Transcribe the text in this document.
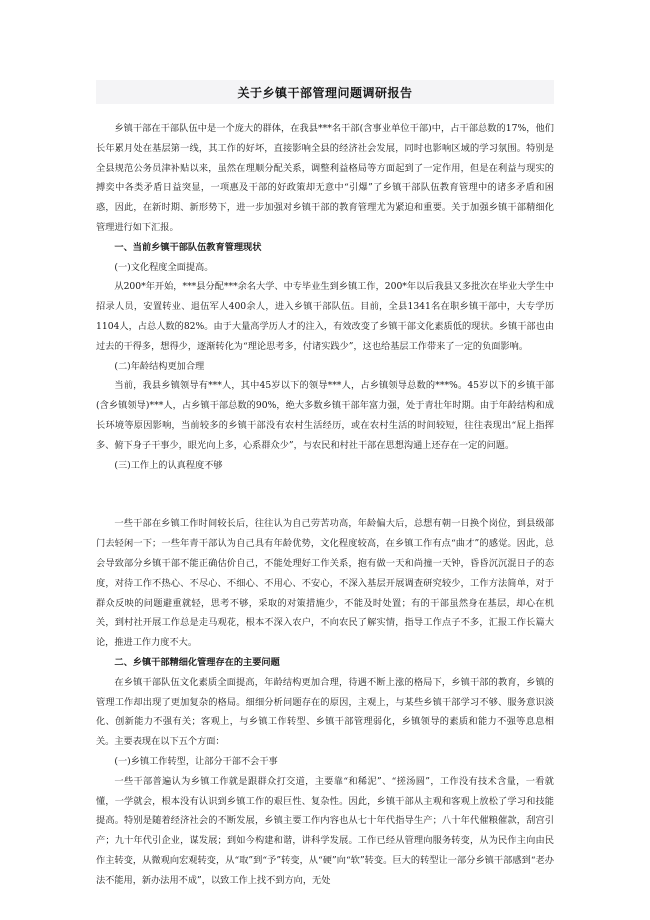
关于乡镇干部管理问题调研报告

乡镇干部在干部队伍中是一个庞大的群体，在我县***名干部(含事业单位干部)中，占干部总数的17%，他们长年累月处在基层第一线，其工作的好坏，直接影响全县的经济社会发展，同时也影响区域的学习氛围。特别是全县规范公务员津补贴以来，虽然在理顺分配关系，调整利益格局等方面起到了一定作用，但是在利益与现实的搏奕中各类矛盾日益突显，一项惠及干部的好政策却无意中“引爆”了乡镇干部队伍教育管理中的诸多矛盾和困惑，因此，在新时期、新形势下，进一步加强对乡镇干部的教育管理尤为紧迫和重要。关于加强乡镇干部精细化管理进行如下汇报。

一、当前乡镇干部队伍教育管理现状

(一)文化程度全面提高。

从200*年开始，***县分配***余名大学、中专毕业生到乡镇工作，200*年以后我县又多批次在毕业大学生中招录人员，安置转业、退伍军人400余人，进入乡镇干部队伍。目前，全县1341名在职乡镇干部中，大专学历1104人，占总人数的82%。由于大量高学历人才的注入，有效改变了乡镇干部文化素质低的现状。乡镇干部也由过去的干得多，想得少，逐渐转化为“理论思考多，付诸实践少”，这也给基层工作带来了一定的负面影响。

(二)年龄结构更加合理

当前，我县乡镇领导有***人，其中45岁以下的领导***人，占乡镇领导总数的***%。45岁以下的乡镇干部(含乡镇领导)***人，占乡镇干部总数的90%，绝大多数乡镇干部年富力强，处于青壮年时期。由于年龄结构和成长环境等原因影响，当前较多的乡镇干部没有农村生活经历，或在农村生活的时间较短，往往表现出“屁上指挥多、俯下身子干事少，眼光向上多，心系群众少”，与农民和村社干部在思想沟通上还存在一定的问题。

(三)工作上的认真程度不够

一些干部在乡镇工作时间较长后，往往认为自己劳苦功高，年龄偏大后，总想有朝一日换个岗位，到县级部门去轻闲一下；一些年青干部认为自己具有年龄优势，文化程度较高，在乡镇工作有点“曲才”的感觉。因此，总会导致部分乡镇干部不能正确估价自己，不能处理好工作关系，抱有做一天和尚撞一天钟，昏昏沉沉混日子的态度，对待工作不热心、不尽心、不细心、不用心、不安心，不深入基层开展调查研究较少，工作方法简单，对于群众反映的问题避重就轻，思考不够，采取的对策措施少，不能及时处置；有的干部虽然身在基层，却心在机关，到村社开展工作总是走马观花，根本不深入农户，不向农民了解实情，指导工作点子不多，汇报工作长篇大论，推进工作力度不大。

二、乡镇干部精细化管理存在的主要问题

在乡镇干部队伍文化素质全面提高，年龄结构更加合理，待遇不断上涨的格局下，乡镇干部的教育，乡镇的管理工作却出现了更加复杂的格局。细细分析问题存在的原因，主观上，与某些乡镇干部学习不够、服务意识淡化、创新能力不强有关；客观上，与乡镇工作转型、乡镇干部管理弱化，乡镇领导的素质和能力不强等息息相关。主要表现在以下五个方面：

(一)乡镇工作转型，让部分干部不会干事

一些干部普遍认为乡镇工作就是跟群众打交道，主要靠“和稀泥”、“搓汤圆”，工作没有技术含量，一看就懂，一学就会，根本没有认识到乡镇工作的艰巨性、复杂性。因此，乡镇干部从主观和客观上放松了学习和技能提高。特别是随着经济社会的不断发展，乡镇主要工作内容也从七十年代指导生产；八十年代催粮催款，刮宫引产；九十年代引企业，谋发展；到如今构建和谐，讲科学发展。工作已经从管理向服务转变，从为民作主向由民作主转变，从微观向宏观转变，从“取”到“予”转变，从“硬”向“软”转变。巨大的转型让一部分乡镇干部感到“老办法不能用，新办法用不成”，以致工作上找不到方向，无处
